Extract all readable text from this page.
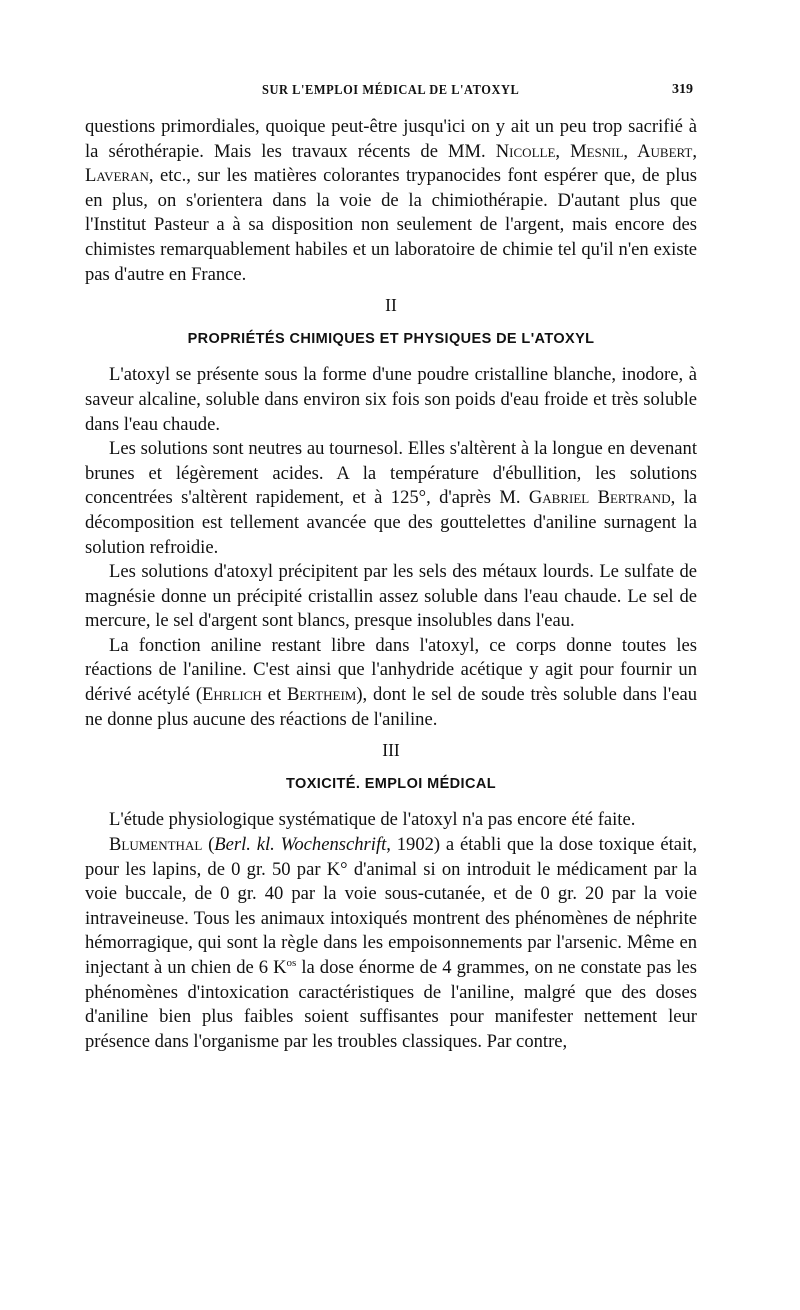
SUR L'EMPLOI MÉDICAL DE L'ATOXYL	319

questions primordiales, quoique peut-être jusqu'ici on y ait un peu trop sacrifié à la sérothérapie. Mais les travaux récents de MM. Nicolle, Mesnil, Aubert, Laveran, etc., sur les matières colorantes trypanocides font espérer que, de plus en plus, on s'orientera dans la voie de la chimiothérapie. D'autant plus que l'Institut Pasteur a à sa disposition non seulement de l'argent, mais encore des chimistes remarquablement habiles et un laboratoire de chimie tel qu'il n'en existe pas d'autre en France.

II
PROPRIÉTÉS CHIMIQUES ET PHYSIQUES DE L'ATOXYL

L'atoxyl se présente sous la forme d'une poudre cristalline blanche, inodore, à saveur alcaline, soluble dans environ six fois son poids d'eau froide et très soluble dans l'eau chaude.

Les solutions sont neutres au tournesol. Elles s'altèrent à la longue en devenant brunes et légèrement acides. A la température d'ébullition, les solutions concentrées s'altèrent rapidement, et à 125°, d'après M. Gabriel Bertrand, la décomposition est tellement avancée que des gouttelettes d'aniline surnagent la solution refroidie.

Les solutions d'atoxyl précipitent par les sels des métaux lourds. Le sulfate de magnésie donne un précipité cristallin assez soluble dans l'eau chaude. Le sel de mercure, le sel d'argent sont blancs, presque insolubles dans l'eau.

La fonction aniline restant libre dans l'atoxyl, ce corps donne toutes les réactions de l'aniline. C'est ainsi que l'anhydride acétique y agit pour fournir un dérivé acétylé (Ehrlich et Bertheim), dont le sel de soude très soluble dans l'eau ne donne plus aucune des réactions de l'aniline.

III
TOXICITÉ. EMPLOI MÉDICAL

L'étude physiologique systématique de l'atoxyl n'a pas encore été faite.

Blumenthal (Berl. kl. Wochenschrift, 1902) a établi que la dose toxique était, pour les lapins, de 0 gr. 50 par K° d'animal si on introduit le médicament par la voie buccale, de 0 gr. 40 par la voie sous-cutanée, et de 0 gr. 20 par la voie intraveineuse. Tous les animaux intoxiqués montrent des phénomènes de néphrite hémorragique, qui sont la règle dans les empoisonnements par l'arsenic. Même en injectant à un chien de 6 $K^{os}$ la dose énorme de 4 grammes, on ne constate pas les phénomènes d'intoxication caractéristiques de l'aniline, malgré que des doses d'aniline bien plus faibles soient suffisantes pour manifester nettement leur présence dans l'organisme par les troubles classiques. Par contre,
